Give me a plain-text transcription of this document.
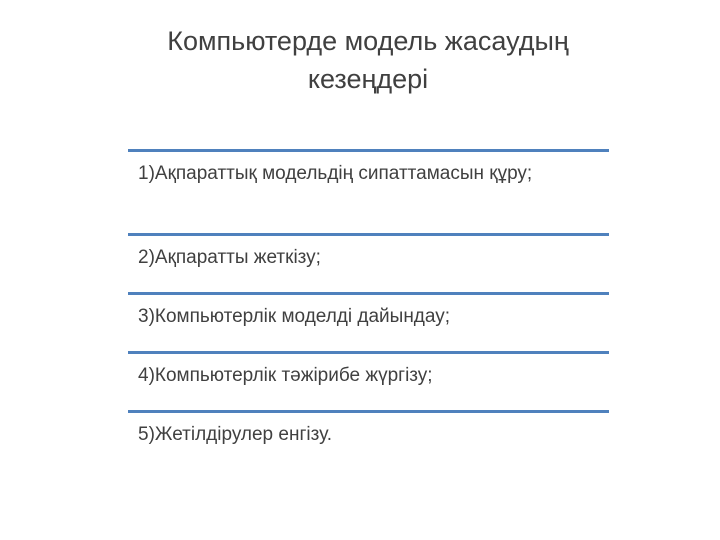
Компьютерде модель жасаудың
кезеңдері
1)Ақпараттық модельдің сипаттамасын құру;
2)Ақпаратты жеткізу;
3)Компьютерлік моделді дайындау;
4)Компьютерлік тәжірибе жүргізу;
5)Жетілдірулер енгізу.
